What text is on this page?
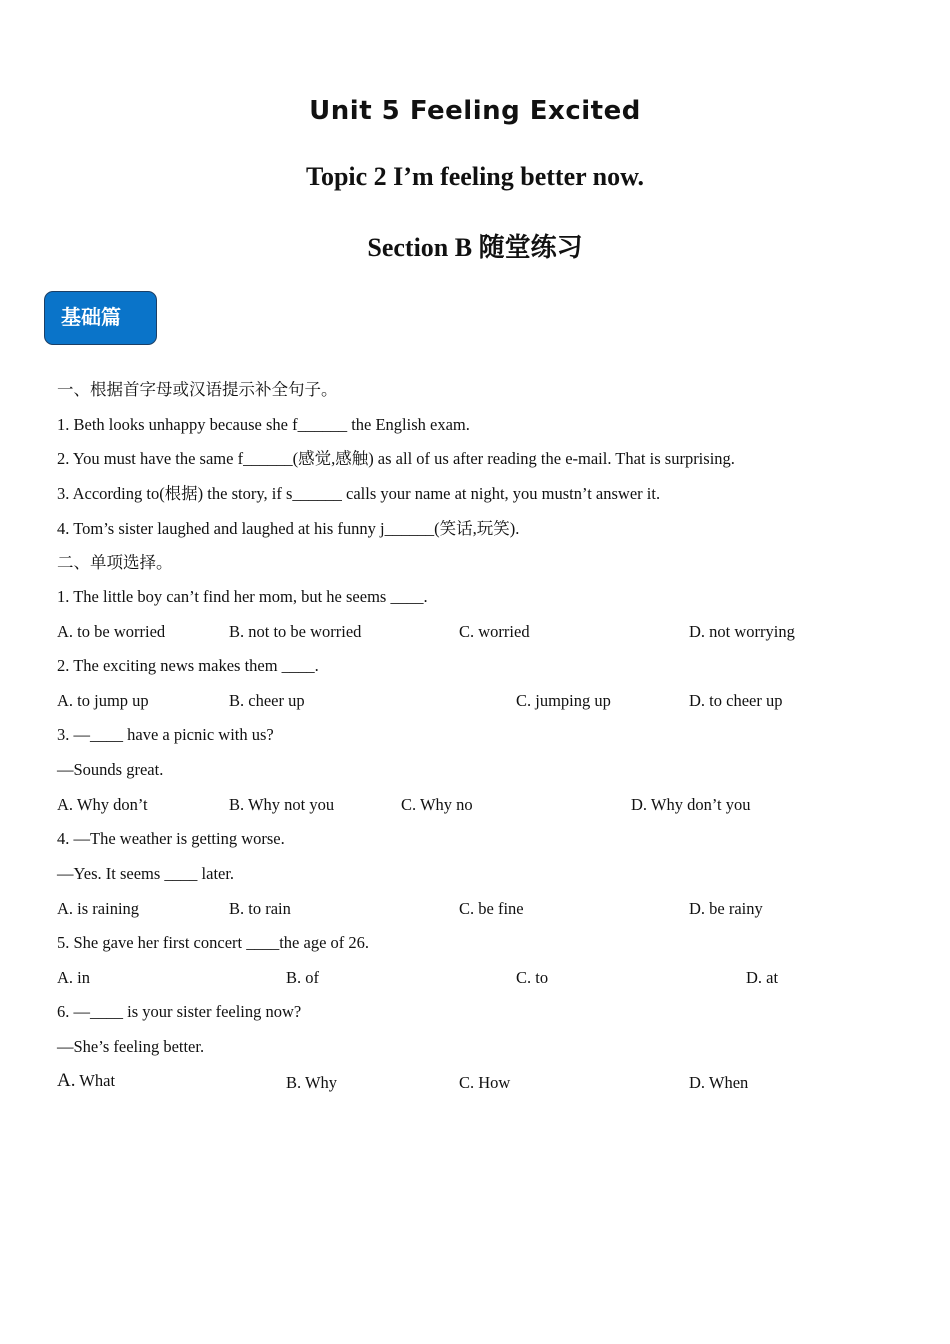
Unit 5 Feeling Excited
Topic 2 I’m feeling better now.
Section B 随堂练习
基础篇
一、根据首字母或汉语提示补全句子。
1. Beth looks unhappy because she f______ the English exam.
2. You must have the same f______(感觉,感触) as all of us after reading the e-mail. That is surprising.
3. According to(根据) the story, if s______ calls your name at night, you mustn’t answer it.
4. Tom’s sister laughed and laughed at his funny j______(笑话,玩笑).
二、单项选择。
1. The little boy can’t find her mom, but he seems ____.
A. to be worried	B. not to be worried	C. worried	D. not worrying
2. The exciting news makes them ____.
A. to jump up	B. cheer up	C. jumping up	D. to cheer up
3. —____ have a picnic with us?
—Sounds great.
A. Why don’t	B. Why not you	C. Why no	D. Why don’t you
4. —The weather is getting worse.
—Yes. It seems ____ later.
A. is raining	B. to rain	C. be fine	D. be rainy
5. She gave her first concert ____the age of 26.
A. in	B. of	C. to	D. at
6. —____ is your sister feeling now?
—She’s feeling better.
A. What	B. Why	C. How	D. When
